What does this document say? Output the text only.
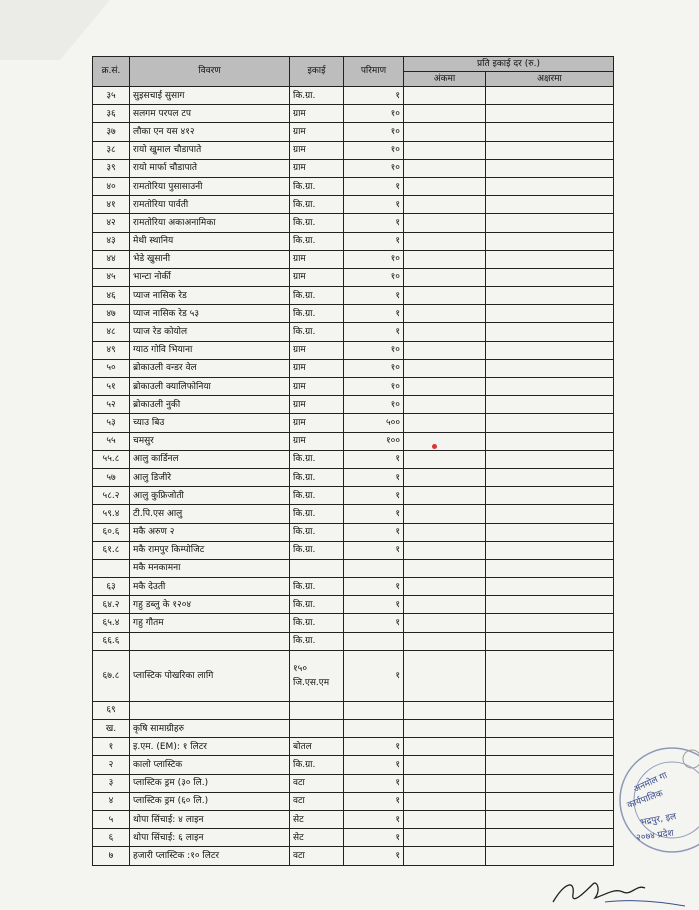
क्र.सं.	विवरण	इकाई	परिमाण	प्रति इकाई दर (रु.)	
				अंकमा	अक्षरमा
३५	सुइसचाई सुसाग	कि.ग्रा.	१		
३६	सलगम परपल टप	ग्राम	१०		
३७	लौका एन यस ४१२	ग्राम	१०		
३८	रायो खुमाल चौडापाते	ग्राम	१०		
३९	रायो मार्फा चौडापाते	ग्राम	१०		
४०	रामतोरिया पुसासाउनी	कि.ग्रा.	१		
४१	रामतोरिया पार्वती	कि.ग्रा.	१		
४२	रामतोरिया अकाअनामिका	कि.ग्रा.	१		
४३	मेथी स्थानिय	कि.ग्रा.	१		
४४	भेडे खुसानी	ग्राम	१०		
४५	भान्टा नोर्की	ग्राम	१०		
४६	प्याज नासिक रेड	कि.ग्रा.	१		
४७	प्याज नासिक रेड ५३	कि.ग्रा.	१		
४८	प्याज रेड कोयोल	कि.ग्रा.	१		
४९	ग्याठ गोवि भियाना	ग्राम	१०		
५०	ब्रोकाउली वन्डर वेल	ग्राम	१०		
५१	ब्रोकाउली क्यालिफोनिया	ग्राम	१०		
५२	ब्रोकाउली नुकी	ग्राम	१०		
५३	च्याउ बिउ	ग्राम	५००		
५५	चमसुर	ग्राम	१००		
५५.८	आलु कार्डिनल	कि.ग्रा.	१		
५७	आलु डिजीरे	कि.ग्रा.	१		
५८.२	आलु कुफ्रिजोती	कि.ग्रा.	१		
५९.४	टी.पि.एस आलु	कि.ग्रा.	१		
६०.६	मकै अरुण २	कि.ग्रा.	१		
६१.८	मकै रामपुर किम्पोजिट	कि.ग्रा.	१		
	मकै मनकामना				
६३	मकै देउती	कि.ग्रा.	१		
६४.२	गहु डब्लु के १२०४	कि.ग्रा.	१		
६५.४	गहु गौतम	कि.ग्रा.	१		
६६.६		कि.ग्रा.			
६७.८	प्लास्टिक पोखरिका लागि	१५० जि.एस.एम	१		
६९					
ख.	कृषि सामाग्रीहरु				
१	इ.एम. (EM): १ लिटर	बोतल	१		
२	कालो प्लास्टिक	कि.ग्रा.	१		
३	प्लास्टिक ड्रम (३० लि.)	वटा	१		
४	प्लास्टिक ड्रम (६० लि.)	वटा	१		
५	थोपा सिंचाई: ४ लाइन	सेट	१		
६	थोपा सिंचाई: ६ लाइन	सेट	१		
७	हजारी प्लास्टिक :१० लिटर	वटा	१		
अनमोल गा
कार्यपालिक
भद्रपुर, इल
२०७४ प्रदेश
